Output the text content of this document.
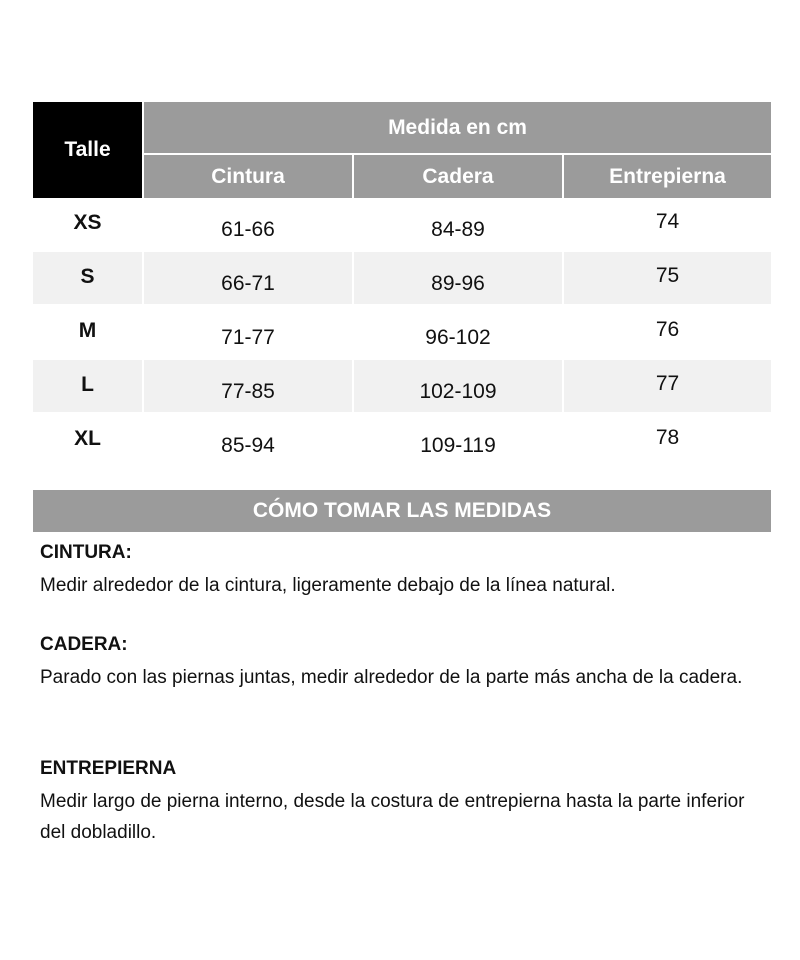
Talle
Medida en cm
Cintura	Cadera	Entrepierna
XS	61-66	84-89	74
S	66-71	89-96	75
M	71-77	96-102	76
L	77-85	102-109	77
XL	85-94	109-119	78
CÓMO TOMAR LAS MEDIDAS
CINTURA:

Medir alrededor de la cintura, ligeramente debajo de la línea natural.

CADERA:

Parado con las piernas juntas, medir alrededor de la parte más ancha de la cadera.

ENTREPIERNA

Medir largo de pierna interno, desde la costura de entrepierna hasta la parte inferior del dobladillo.
